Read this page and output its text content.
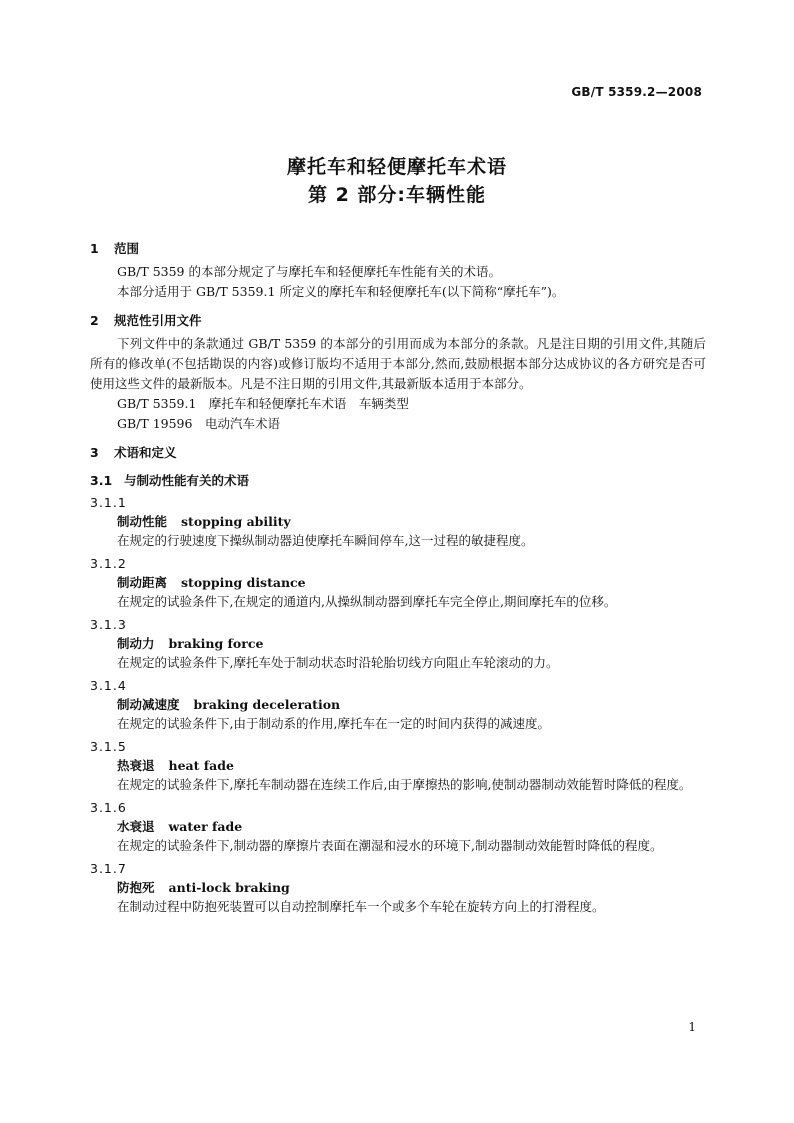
GB/T 5359.2—2008
摩托车和轻便摩托车术语
第 2 部分:车辆性能
1 范围
GB/T 5359 的本部分规定了与摩托车和轻便摩托车性能有关的术语。
本部分适用于 GB/T 5359.1 所定义的摩托车和轻便摩托车(以下简称“摩托车”)。
2 规范性引用文件
下列文件中的条款通过 GB/T 5359 的本部分的引用而成为本部分的条款。凡是注日期的引用文件,其随后所有的修改单(不包括勘误的内容)或修订版均不适用于本部分,然而,鼓励根据本部分达成协议的各方研究是否可使用这些文件的最新版本。凡是不注日期的引用文件,其最新版本适用于本部分。
GB/T 5359.1　摩托车和轻便摩托车术语　车辆类型
GB/T 19596　电动汽车术语
3 术语和定义
3.1 与制动性能有关的术语
3.1.1
制动性能 stopping ability
在规定的行驶速度下操纵制动器迫使摩托车瞬间停车,这一过程的敏捷程度。
3.1.2
制动距离 stopping distance
在规定的试验条件下,在规定的通道内,从操纵制动器到摩托车完全停止,期间摩托车的位移。
3.1.3
制动力 braking force
在规定的试验条件下,摩托车处于制动状态时沿轮胎切线方向阻止车轮滚动的力。
3.1.4
制动减速度 braking deceleration
在规定的试验条件下,由于制动系的作用,摩托车在一定的时间内获得的减速度。
3.1.5
热衰退 heat fade
在规定的试验条件下,摩托车制动器在连续工作后,由于摩擦热的影响,使制动器制动效能暂时降低的程度。
3.1.6
水衰退 water fade
在规定的试验条件下,制动器的摩擦片表面在潮湿和浸水的环境下,制动器制动效能暂时降低的程度。
3.1.7
防抱死 anti-lock braking
在制动过程中防抱死装置可以自动控制摩托车一个或多个车轮在旋转方向上的打滑程度。
1
